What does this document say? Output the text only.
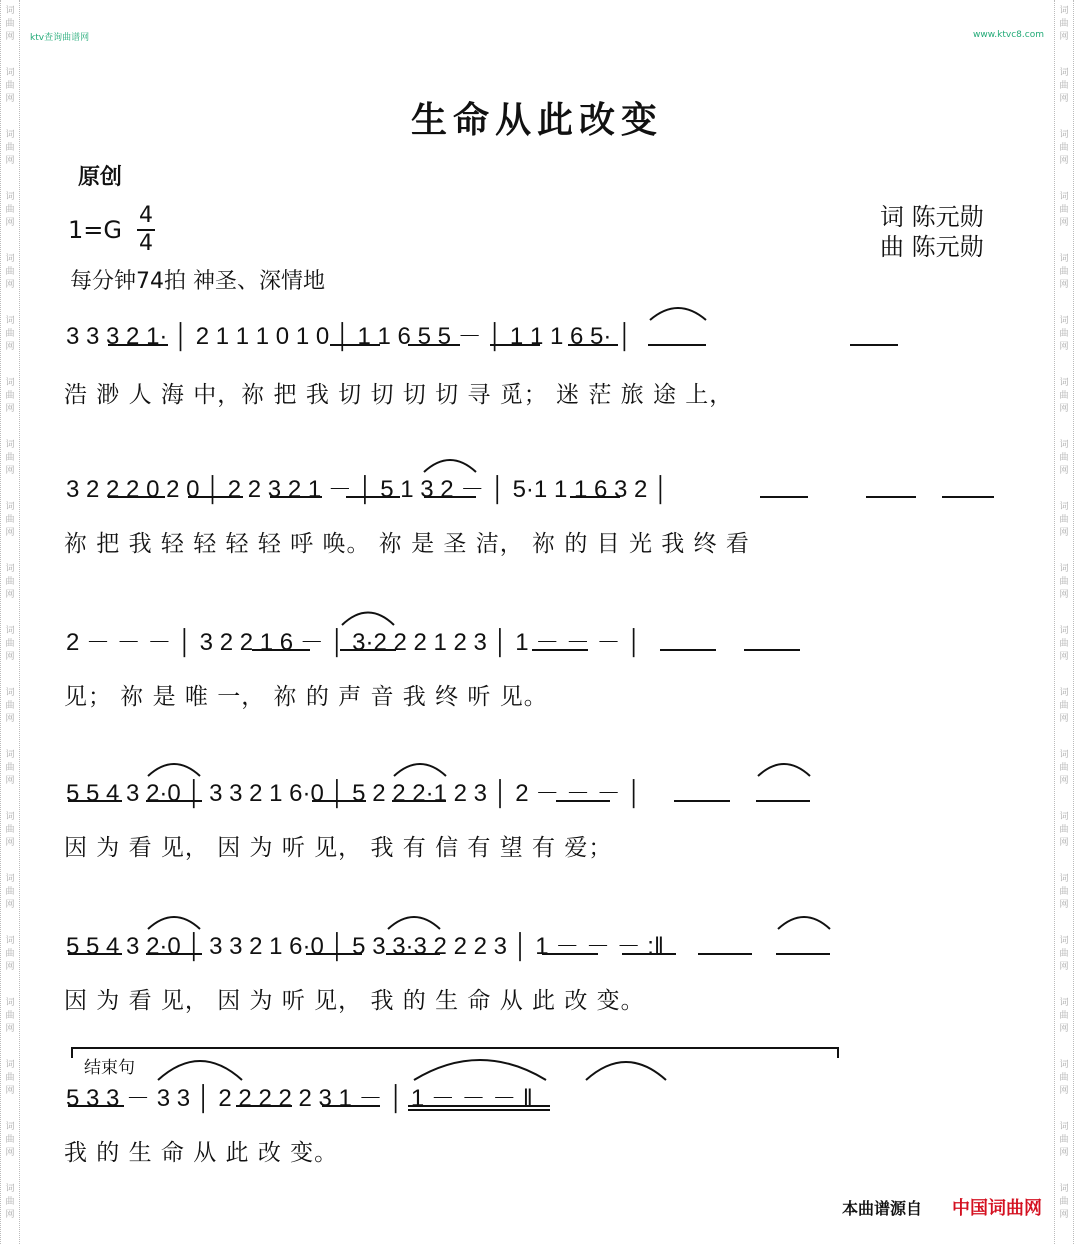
词
曲
网
词
曲
网
词
曲
网
词
曲
网
词
曲
网
词
曲
网
词
曲
网
词
曲
网
词
曲
网
词
曲
网
词
曲
网
词
曲
网
词
曲
网
词
曲
网
词
曲
网
词
曲
网
词
曲
网
词
曲
网
词
曲
网
词
曲
网
词
曲
网
词
曲
网
词
曲
网
词
曲
网
词
曲
网
词
曲
网
词
曲
网
词
曲
网
词
曲
网
词
曲
网
词
曲
网
词
曲
网
词
曲
网
词
曲
网
词
曲
网
词
曲
网
词
曲
网
词
曲
网
词
曲
网
词
曲
网
ktv查询曲谱网	www.ktvc8.com
生命从此改变
原创
1=G
4
4
每分钟74拍 神圣、深情地
词 陈元勋
曲 陈元勋
3 3 3 2 1· │ 2 1 1 1 0 1 0 │ 1 1 6 5 5 － │ 1 1 1 6 5· │
浩 渺 人 海 中，祢 把 我 切 切 切 切 寻 觅； 迷 茫 旅 途 上，
3 2 2 2 0 2 0 │ 2 2 3 2 1 － │ 5 1 3 2 － │ 5·1 1 1 6 3 2 │
祢 把 我 轻 轻 轻 轻 呼 唤。 祢 是 圣 洁， 祢 的 目 光 我 终 看
2 － － － │ 3 2 2 1 6 － │ 3·2 2 2 1 2 3 │ 1 － － － │
见； 祢 是 唯 一， 祢 的 声 音 我 终 听 见。
5 5 4 3 2·0 │ 3 3 2 1 6·0 │ 5 2 2 2·1 2 3 │ 2 － － － │
因 为 看 见， 因 为 听 见， 我 有 信 有 望 有 爱；
5 5 4 3 2·0 │ 3 3 2 1 6·0 │ 5 3 3·3 2 2 2 3 │ 1 － － － :‖
因 为 看 见， 因 为 听 见， 我 的 生 命 从 此 改 变。
结束句
5 3 3 － 3 3 │ 2 2 2 2 2 3 1 － │ 1 － － － ‖
我 的 生 命 从 此 改 变。
本曲谱源自 中国词曲网
